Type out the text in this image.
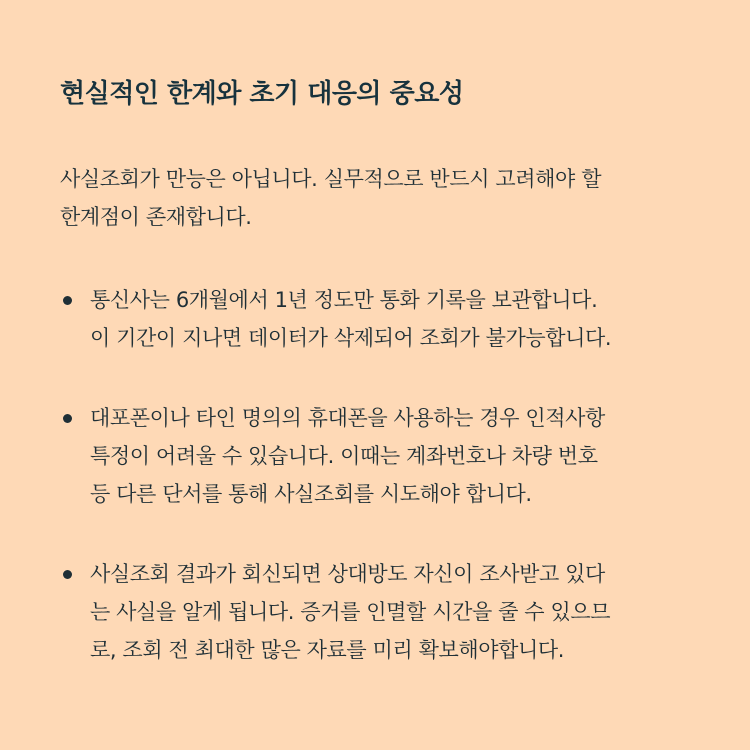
현실적인 한계와 초기 대응의 중요성

사실조회가 만능은 아닙니다. 실무적으로 반드시 고려해야 할
한계점이 존재합니다.

통신사는 6개월에서 1년 정도만 통화 기록을 보관합니다.
이 기간이 지나면 데이터가 삭제되어 조회가 불가능합니다.
대포폰이나 타인 명의의 휴대폰을 사용하는 경우 인적사항
특정이 어려울 수 있습니다. 이때는 계좌번호나 차량 번호
등 다른 단서를 통해 사실조회를 시도해야 합니다.
사실조회 결과가 회신되면 상대방도 자신이 조사받고 있다
는 사실을 알게 됩니다. 증거를 인멸할 시간을 줄 수 있으므
로, 조회 전 최대한 많은 자료를 미리 확보해야합니다.
